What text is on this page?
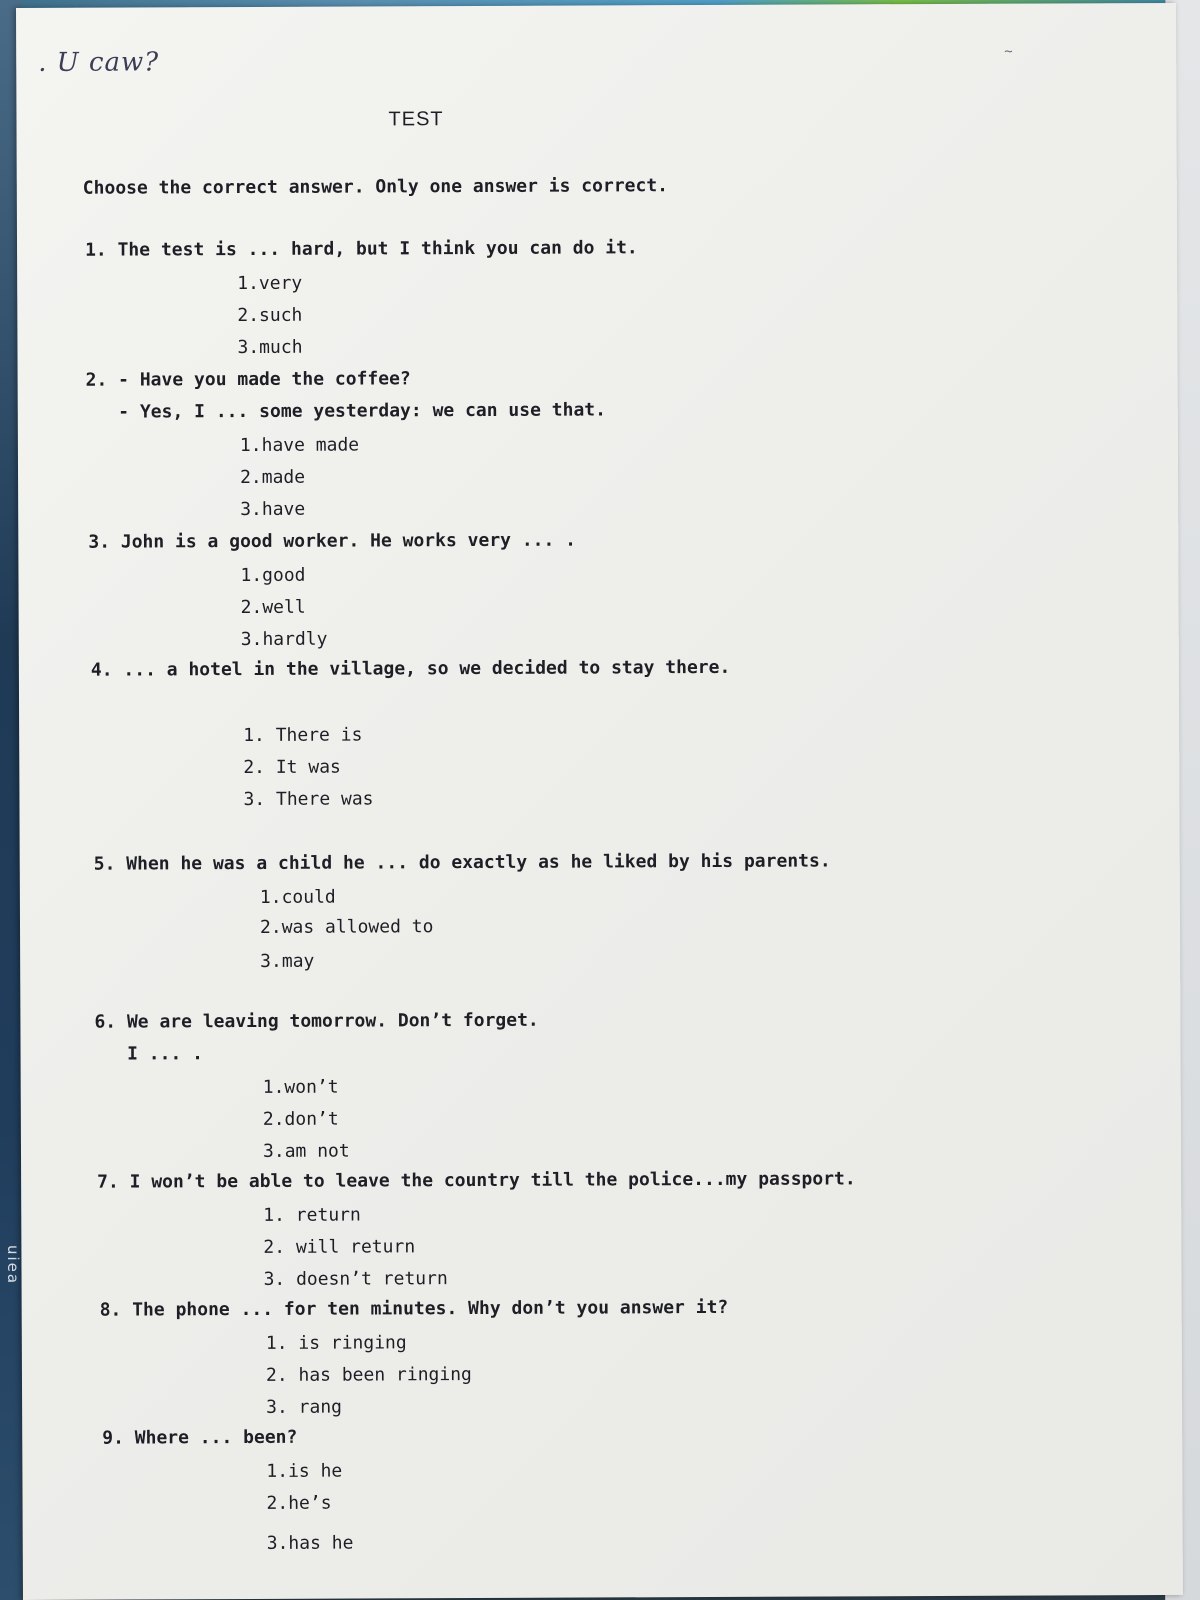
uiea
. U caw?	~
TEST
Choose the correct answer. Only one answer is correct.
1. The test is ... hard, but I think you can do it.
1.very
2.such
3.much
2. - Have you made the coffee?
- Yes, I ... some yesterday: we can use that.
1.have made
2.made
3.have
3. John is a good worker. He works very ... .
1.good
2.well
3.hardly
4. ... a hotel in the village, so we decided to stay there.
1. There is
2. It was
3. There was
5. When he was a child he ... do exactly as he liked by his parents.
1.could
2.was allowed to
3.may
6. We are leaving tomorrow. Don’t forget.
I ... .
1.won’t
2.don’t
3.am not
7. I won’t be able to leave the country till the police...my passport.
1. return
2. will return
3. doesn’t return
8. The phone ... for ten minutes. Why don’t you answer it?
1. is ringing
2. has been ringing
3. rang
9. Where ... been?
1.is he
2.he’s
3.has he
